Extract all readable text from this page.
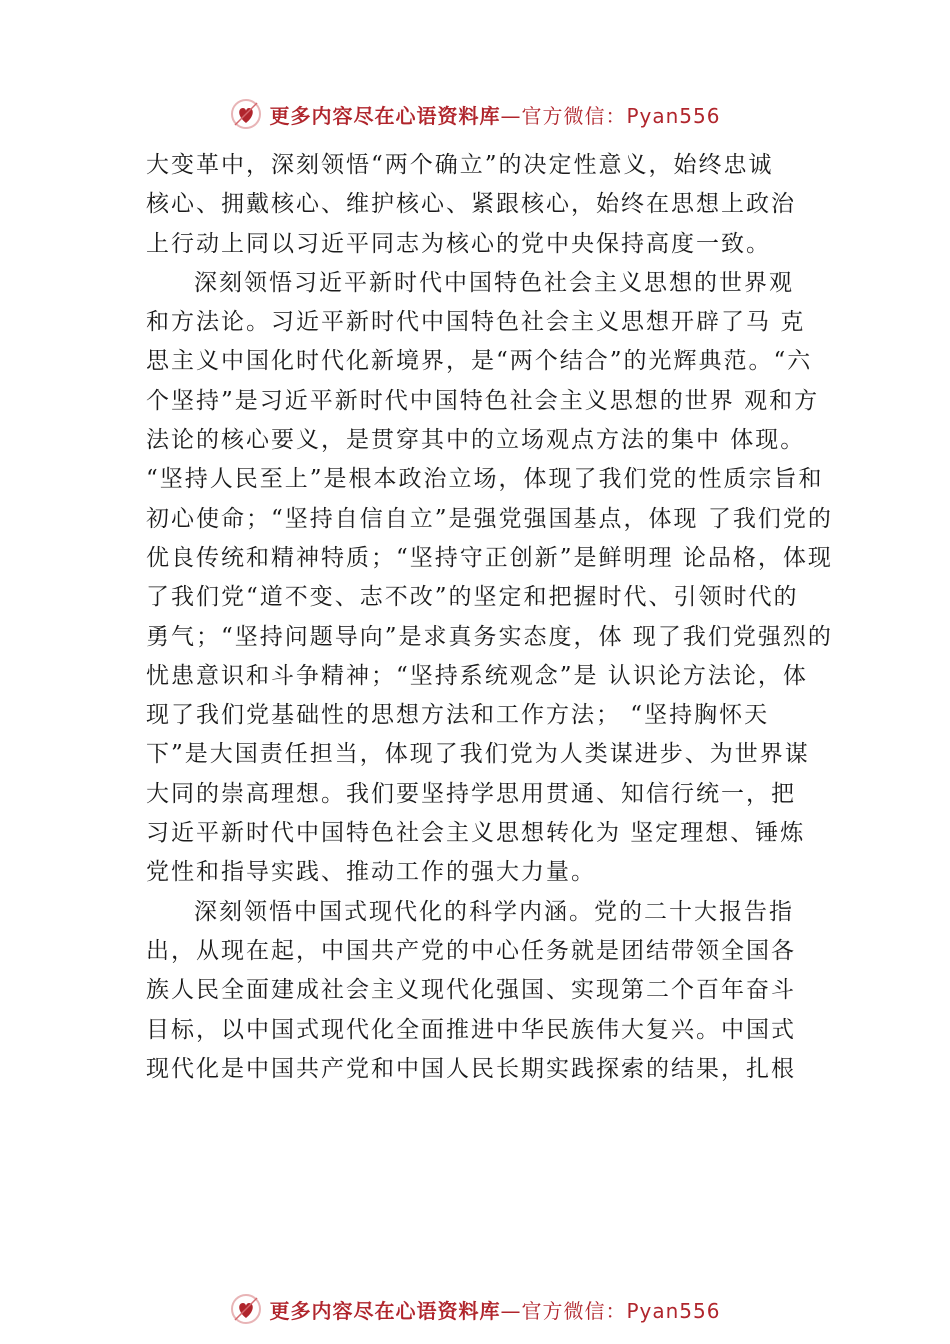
更多内容尽在心语资料库 —官方微信：Pyan556
大变革中，深刻领悟“两个确立”的决定性意义，始终忠诚
核心、拥戴核心、维护核心、紧跟核心，始终在思想上政治
上行动上同以习近平同志为核心的党中央保持高度一致。
深刻领悟习近平新时代中国特色社会主义思想的世界观
和方法论。习近平新时代中国特色社会主义思想开辟了马 克
思主义中国化时代化新境界，是“两个结合”的光辉典范。“六
个坚持”是习近平新时代中国特色社会主义思想的世界 观和方
法论的核心要义，是贯穿其中的立场观点方法的集中 体现。
“坚持人民至上”是根本政治立场，体现了我们党的性质宗旨和
初心使命；“坚持自信自立”是强党强国基点，体现 了我们党的
优良传统和精神特质；“坚持守正创新”是鲜明理 论品格，体现
了我们党“道不变、志不改”的坚定和把握时代、引领时代的
勇气；“坚持问题导向”是求真务实态度，体 现了我们党强烈的
忧患意识和斗争精神；“坚持系统观念”是 认识论方法论，体
现了我们党基础性的思想方法和工作方法； “坚持胸怀天
下”是大国责任担当，体现了我们党为人类谋进步、为世界谋
大同的崇高理想。我们要坚持学思用贯通、知信行统一，把
习近平新时代中国特色社会主义思想转化为 坚定理想、锤炼
党性和指导实践、推动工作的强大力量。
深刻领悟中国式现代化的科学内涵。党的二十大报告指
出，从现在起，中国共产党的中心任务就是团结带领全国各
族人民全面建成社会主义现代化强国、实现第二个百年奋斗
目标，以中国式现代化全面推进中华民族伟大复兴。中国式
现代化是中国共产党和中国人民长期实践探索的结果，扎根
更多内容尽在心语资料库 —官方微信：Pyan556
